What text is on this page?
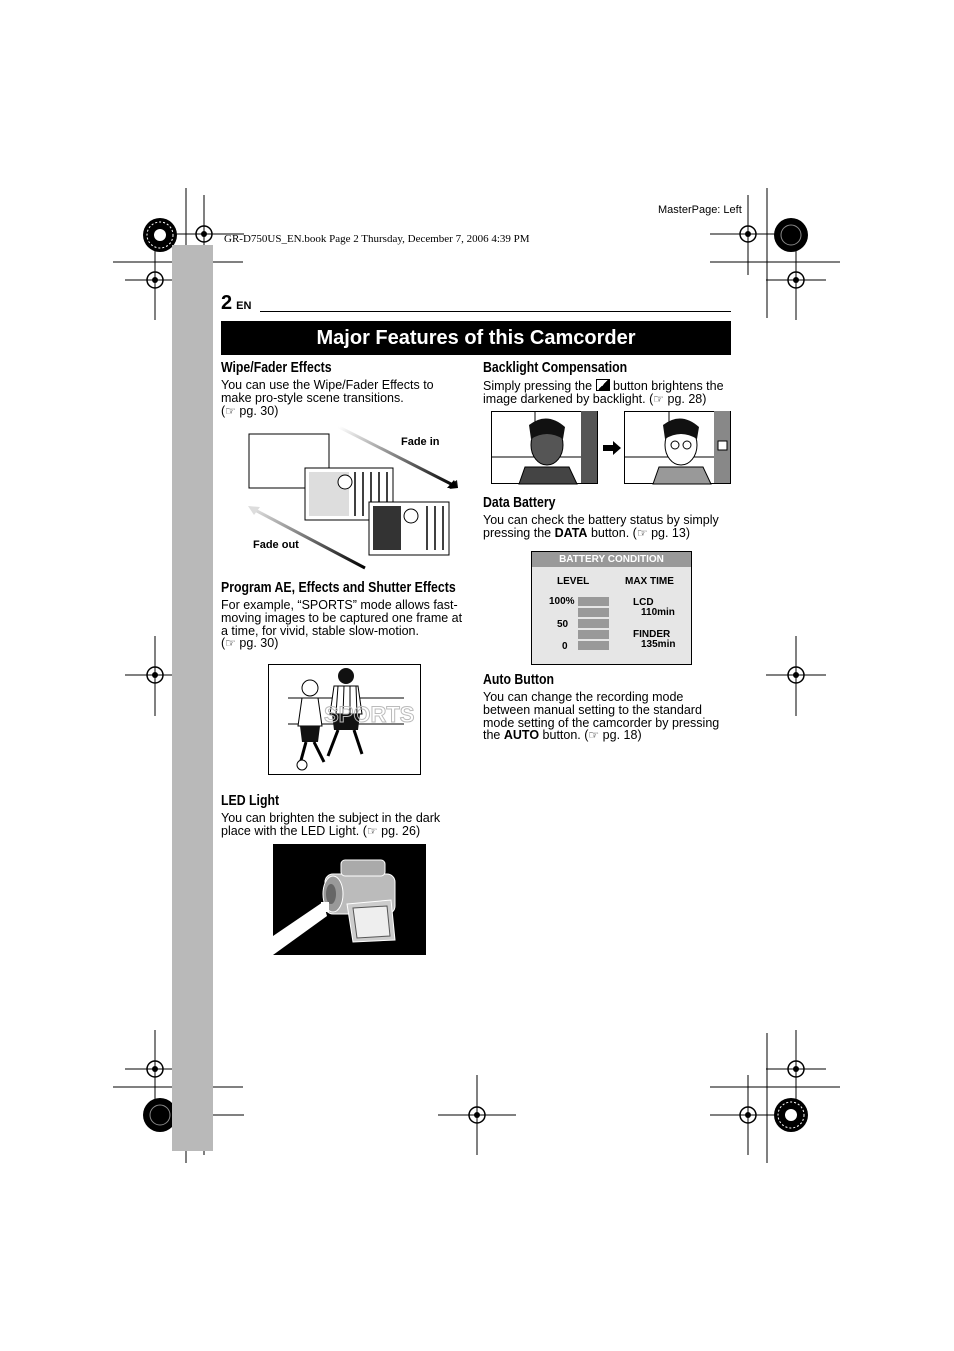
GR-D750US_EN.book Page 2 Thursday, December 7, 2006 4:39 PM
MasterPage: Left
2 EN
Major Features of this Camcorder
Wipe/Fader Effects

You can use the Wipe/Fader Effects to make pro-style scene transitions.
(☞ pg. 30)

Fade in
Fade out
Program AE, Effects and Shutter Effects

For example, “SPORTS” mode allows fast-moving images to be captured one frame at a time, for vivid, stable slow-motion.
(☞ pg. 30)

SPORTS
LED Light

You can brighten the subject in the dark place with the LED Light. (☞ pg. 26)

Backlight Compensation

Simply pressing the button brightens the image darkened by backlight. (☞ pg. 28)

Data Battery

You can check the battery status by simply pressing the DATA button. (☞ pg. 13)

BATTERY CONDITION
LEVEL	MAX TIME
100%
50
0
LCD
110min
FINDER
135min
Auto Button

You can change the recording mode between manual setting to the standard mode setting of the camcorder by pressing the AUTO button. (☞ pg. 18)
